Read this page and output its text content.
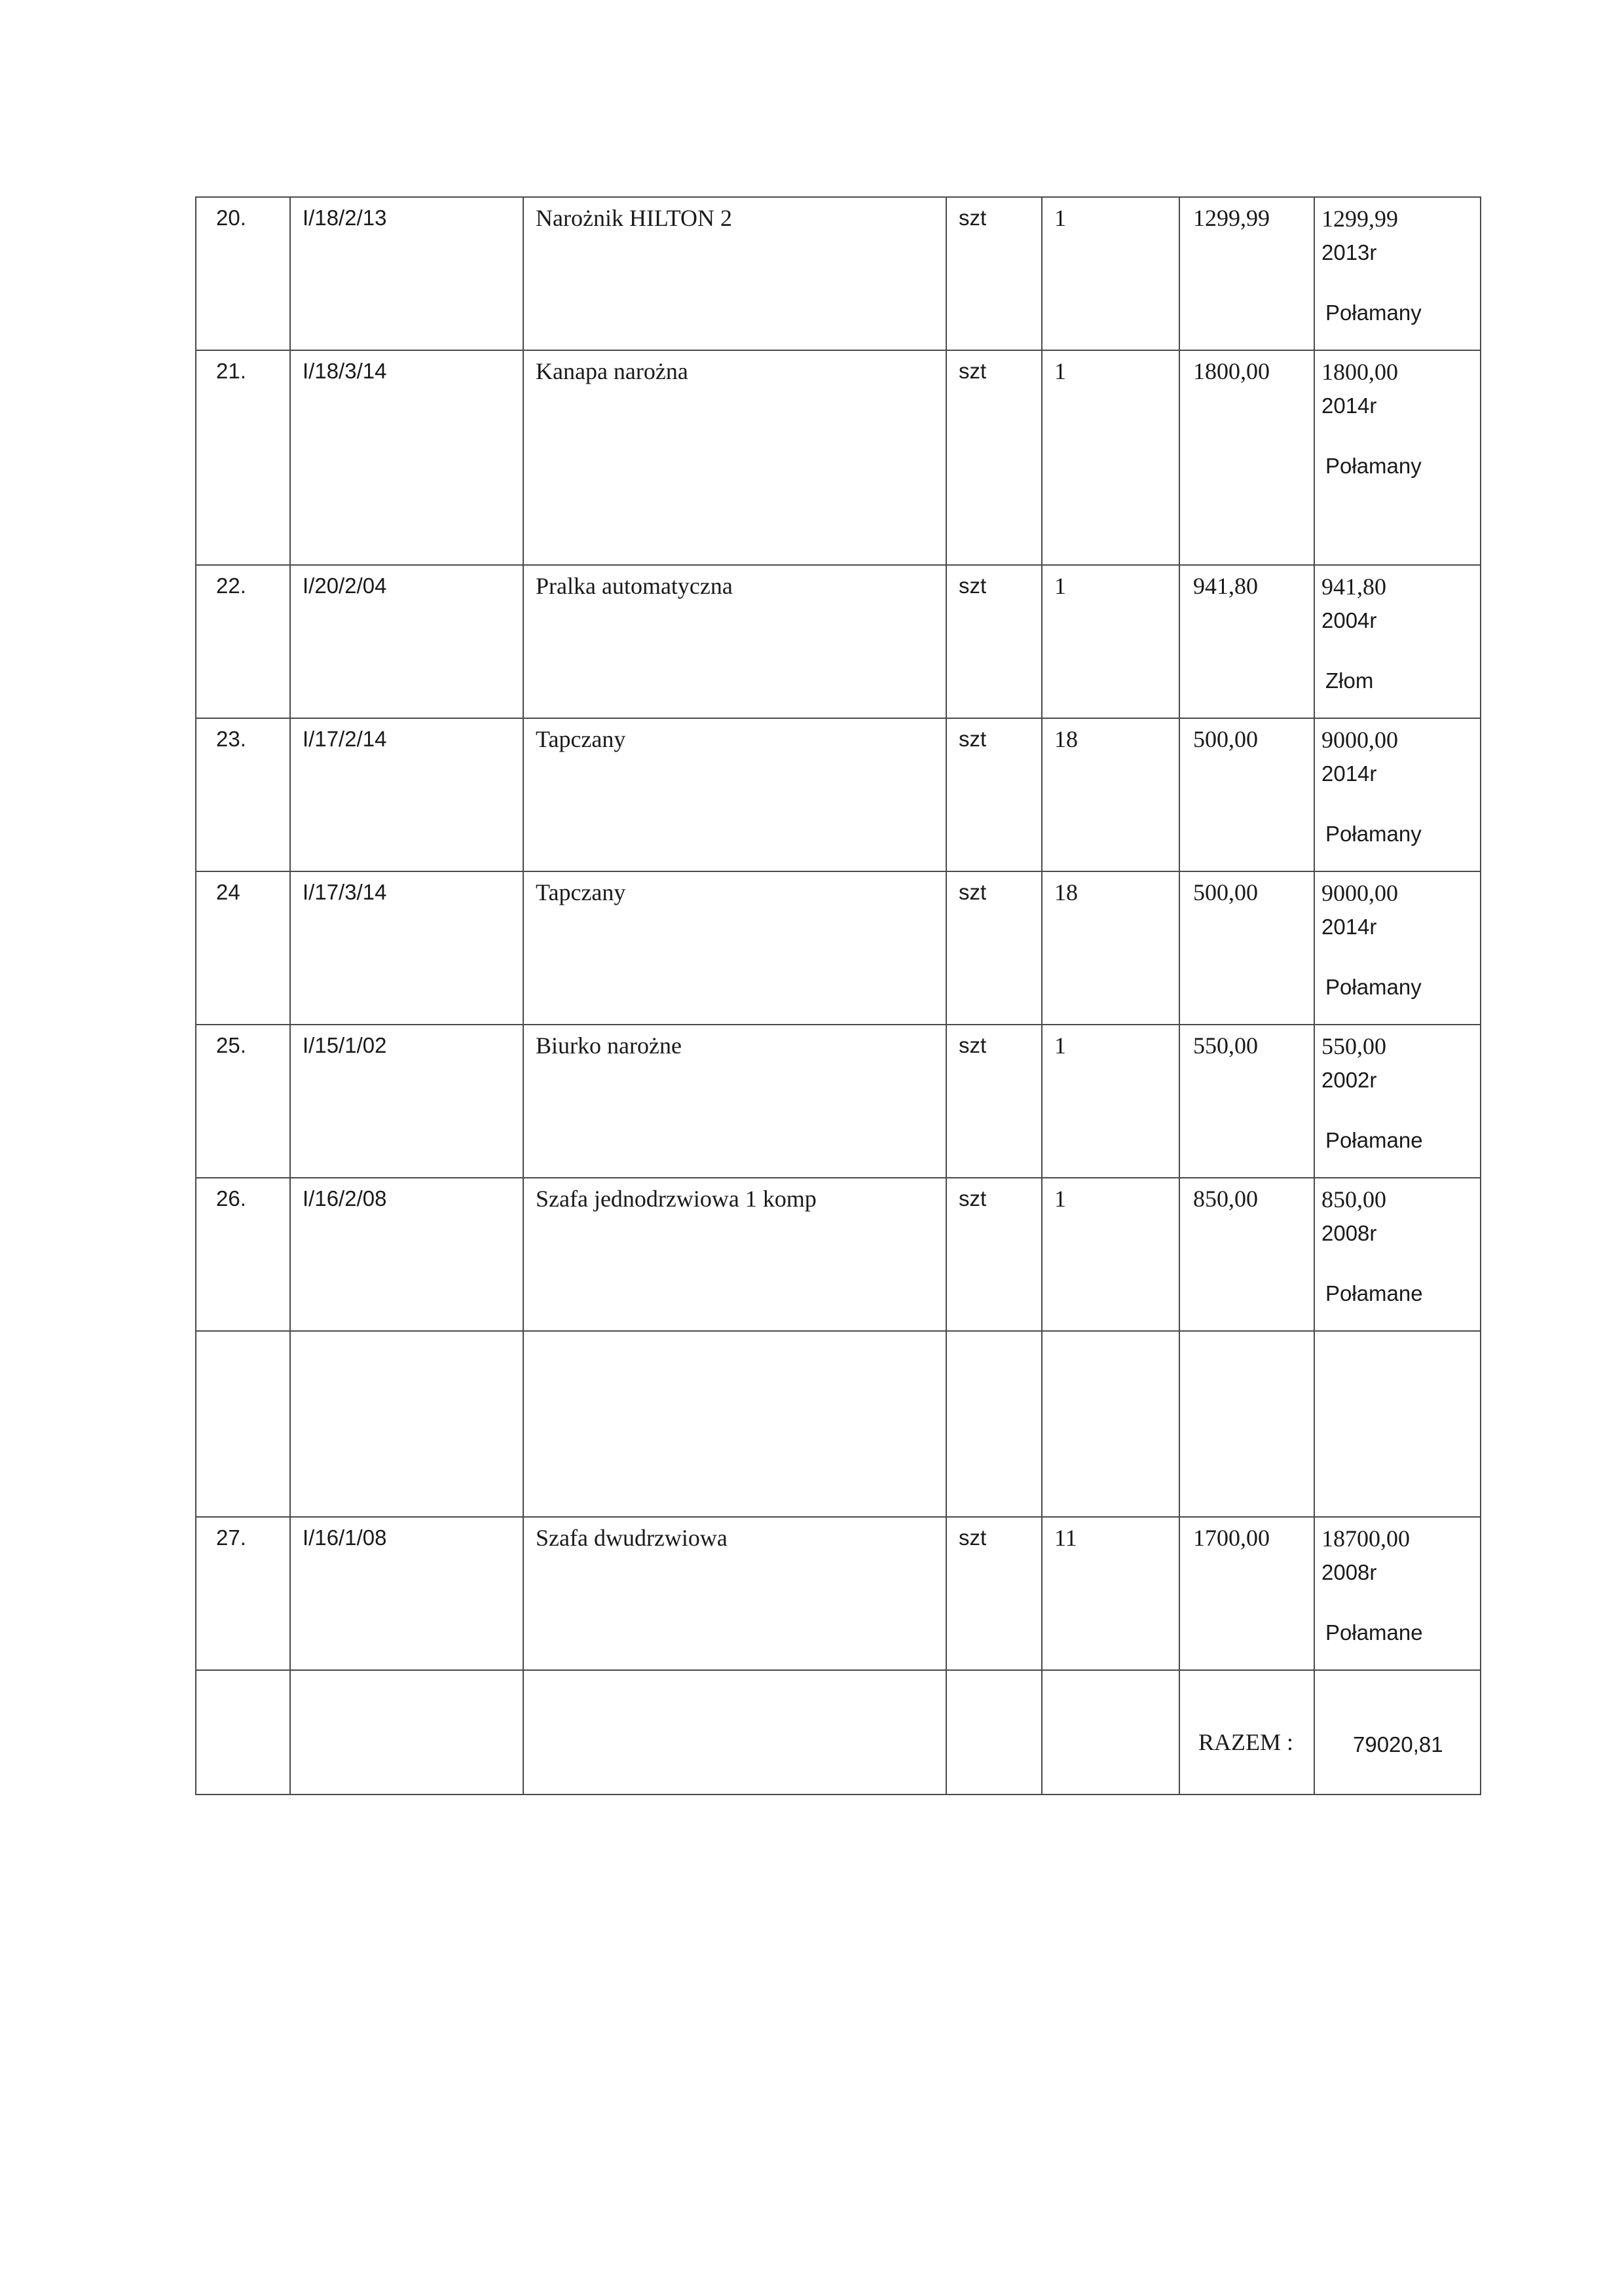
20.	I/18/2/13	Narożnik HILTON 2	szt	1	1299,99	1299,99
2013r
Połamany

21.	I/18/3/14	Kanapa narożna	szt	1	1800,00	1800,00
2014r
Połamany

22.	I/20/2/04	Pralka automatyczna	szt	1	941,80	941,80
2004r
Złom

23.	I/17/2/14	Tapczany	szt	18	500,00	9000,00
2014r
Połamany

24	I/17/3/14	Tapczany	szt	18	500,00	9000,00
2014r
Połamany

25.	I/15/1/02	Biurko narożne	szt	1	550,00	550,00
2002r
Połamane

26.	I/16/2/08	Szafa jednodrzwiowa 1 komp	szt	1	850,00	850,00
2008r
Połamane

27.	I/16/1/08	Szafa dwudrzwiowa	szt	11	1700,00	18700,00
2008r
Połamane

					RAZEM :	79020,81
